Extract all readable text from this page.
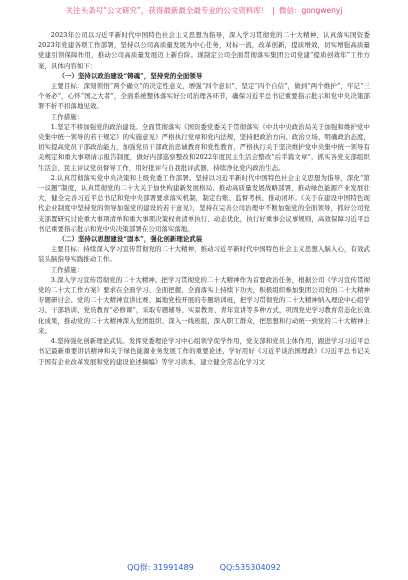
关注头条号“公文研究”，获得最新最全最专业的公文资料库！ | 微信：gongwenyj

2023年公司以习近平新时代中国特色社会主义思想为指导，深入学习贯彻党的二十大精神，认真落实国资委2023年党建各项工作部署，坚持以公司高质量发展为中心任务，对标一流，改革创新，提质增效，切实增强高质量党建引领保障作用，推动公司高质量发展迈上新台阶。现制定公司全面贯彻落实集团公司党建“提质创效年”工作方案，具体内容如下：

（一）坚持以政治建设“铸魂”，坚持党的全面领导

主要目标：深刻领悟“两个确立”的决定性意义，增强“四个意识”，坚定“四个自信”，做到“两个维护”，牢记“三个务必”，心怀“国之大者”，全面系统整体落实好公司治理各环节，确保习近平总书记重要指示批示和党中央决策部署不折不扣落地见效。

工作措施：

1.坚定不移加强党的政治建设。全面贯彻落实《国资委党委关于贯彻落实《中共中央政治局关于加强和维护党中央集中统一领导的若干规定》的实施意见》严格执行党章和党内法规，坚持把政治方向、政治立场、明确政治态度，切实提高党员干部政治能力，加强党员干部政治忠诚教育和党性教育，严格执行关于坚决维护党中央集中统一领导有关规定和重大事项请示报告制度，做好内部巡察整改和2022年度民主生活会整改“后半篇文章”，抓实各党支部组织生活会、民主评议党员督导工作，用好批评与自我批评武器，持续净化党内政治生态。

2.认真贯彻落实党中央决策和上级党委工作部署。坚持以习近平新时代中国特色社会主义思想为指导，深化“第一议题”制度，认真贯彻党的二十大关于加快构建新发展格局、推动高质量发展战略部署，推动绿色能源产业发展壮大，健全完善习近平总书记和党中央部署要求落实机制，制定台账、监督考核、推动闭环。《关于在建设中国特色现代企业制度中坚持党的领导加强党的建设的若干意见》，坚持在完善公司治理中不断加强党的全面领导，抓好公司党支部置研究讨论重大事项清单和重大事项决策权责清单执行、动态优化，执行好重事会议事规则，高效保障习近平总书记重要指示批示和党中央决策部署在公司落实落地。

（二）坚持以思想建设“固本”，强化创新理论武装

主要目标：持续深入学习宣传贯彻党的二十大精神，推动习近平新时代中国特色社会主义思想入脑入心，有效武装头脑指导实践推动工作。

工作措施：

3.深入学习宣传贯彻党的二十大精神。把学习贯彻党的二十大精神作为首要政治任务，根据公司《学习宣传贯彻党的二十大工作方案》要求在全面学习、全面把握、全面落实上持续下功夫，积极组织参加集团公司党的二十大精神专题研讨会、党的二十大精神宣讲比赛、属地党校开展的专题培训班，把学习贯彻党的二十大精神纳入理论中心组学习、干部培训、党员教育“必修课”，采取专题辅导、实景教育、青年宣讲等多种方式，巩固党史学习教育常态化长效化成果，推动党的二十大精神深入党团组织、深入一线班组，深入职工群众，把思想和行动统一到党的二十大精神上来。

4.坚持强化创新理论武装。发挥党委理论学习中心组领学促学作用，党支部和党员主体作用，跟进学习习近平总书记最新重要讲话精神和关于绿色能源业务发展工作的重要论述，学好用好《习近平谈治国理政》《习近平总书记关于国有企业改革发展和党的建设论述摘编》等学习读本，建立健全常态化学习文

QQ群: 31991489	QQ:535304092
